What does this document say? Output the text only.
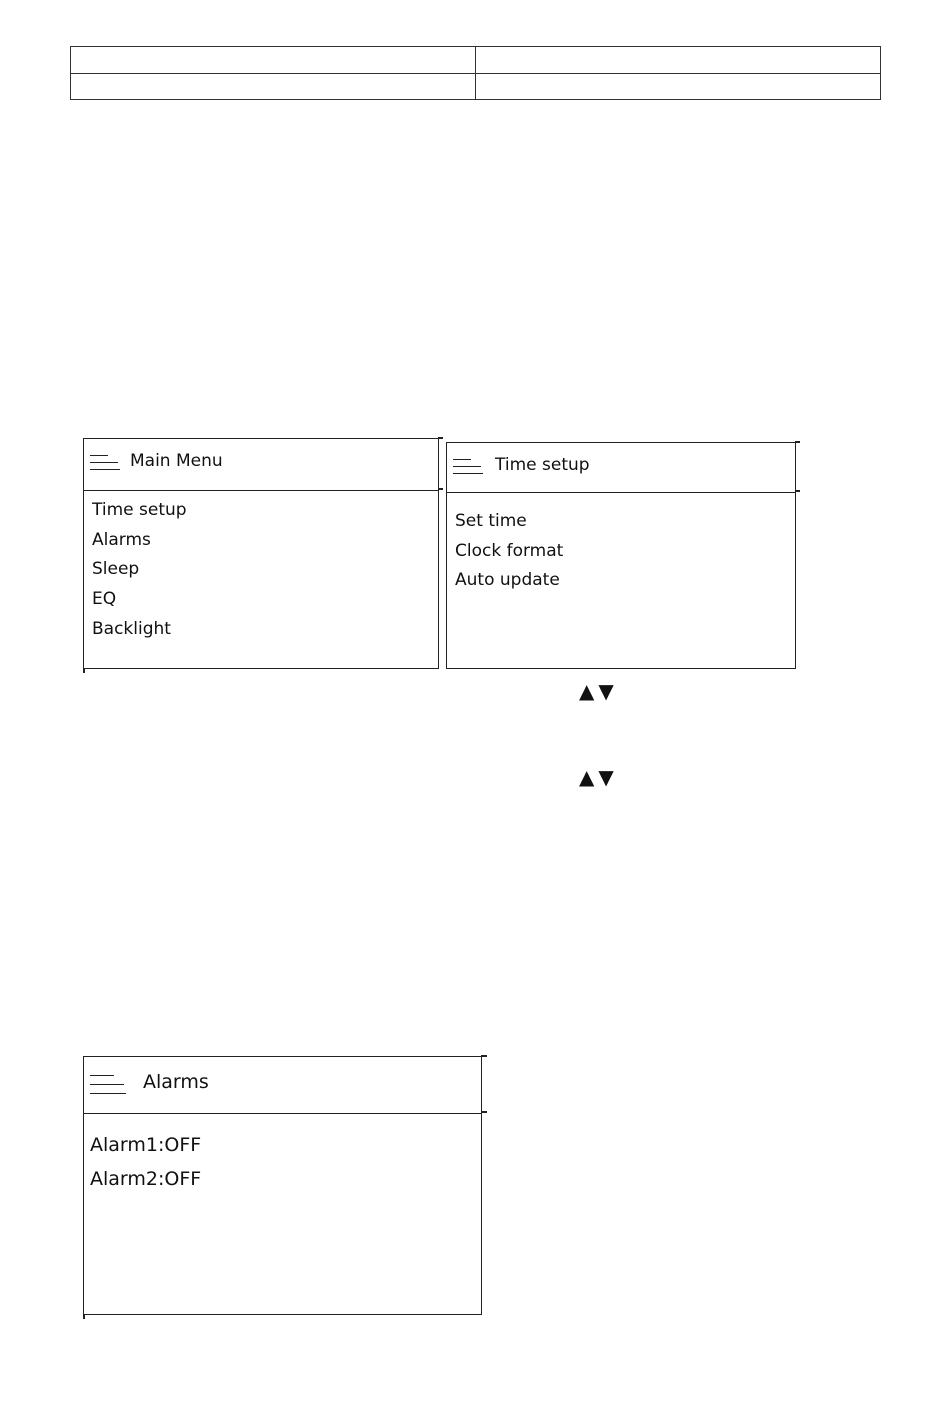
Main Menu
Time setup
Alarms
Sleep
EQ
Backlight
Time setup
Set time
Clock format
Auto update
▲ ▼
▲ ▼
Alarms
Alarm1:OFF
Alarm2:OFF
